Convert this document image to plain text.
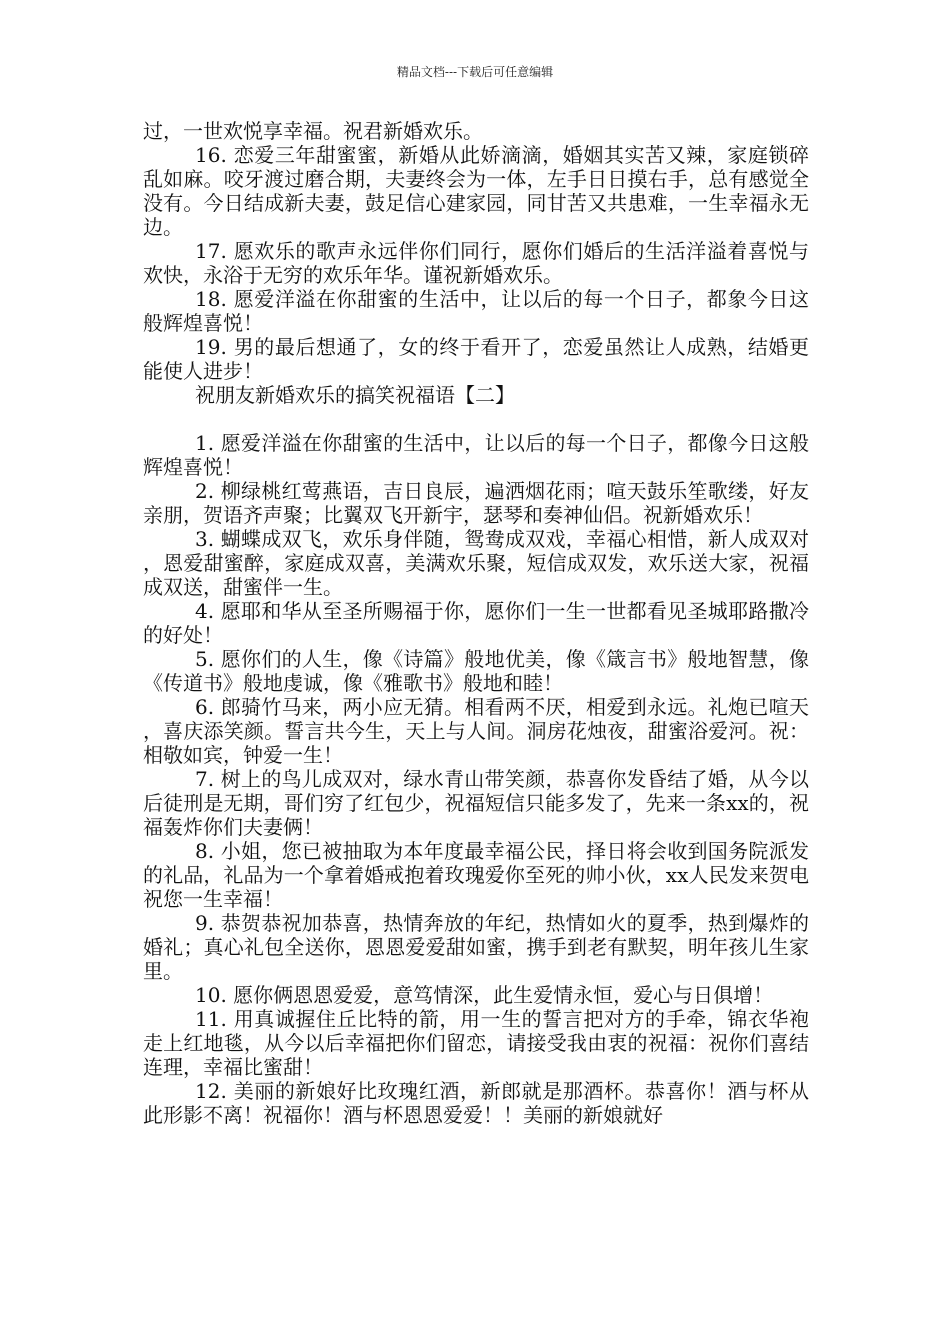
精品文档---下载后可任意编辑

过，一世欢悦享幸福。祝君新婚欢乐。

16. 恋爱三年甜蜜蜜，新婚从此娇滴滴，婚姻其实苦又辣，家庭锁碎乱如麻。咬牙渡过磨合期，夫妻终会为一体，左手日日摸右手，总有感觉全没有。今日结成新夫妻，鼓足信心建家园，同甘苦又共患难，一生幸福永无边。

17. 愿欢乐的歌声永远伴你们同行，愿你们婚后的生活洋溢着喜悦与欢快，永浴于无穷的欢乐年华。谨祝新婚欢乐。

18. 愿爱洋溢在你甜蜜的生活中，让以后的每一个日子，都象今日这般辉煌喜悦！

19. 男的最后想通了，女的终于看开了，恋爱虽然让人成熟，结婚更能使人进步！

祝朋友新婚欢乐的搞笑祝福语【二】

1. 愿爱洋溢在你甜蜜的生活中，让以后的每一个日子，都像今日这般辉煌喜悦！

2. 柳绿桃红莺燕语，吉日良辰，遍洒烟花雨；喧天鼓乐笙歌缕，好友亲朋，贺语齐声聚；比翼双飞开新宇，瑟琴和奏神仙侣。祝新婚欢乐！

3. 蝴蝶成双飞，欢乐身伴随，鸳鸯成双戏，幸福心相惜，新人成双对，恩爱甜蜜醉，家庭成双喜，美满欢乐聚，短信成双发，欢乐送大家，祝福成双送，甜蜜伴一生。

4. 愿耶和华从至圣所赐福于你，愿你们一生一世都看见圣城耶路撒冷的好处！

5. 愿你们的人生，像《诗篇》般地优美，像《箴言书》般地智慧，像《传道书》般地虔诚，像《雅歌书》般地和睦！

6. 郎骑竹马来，两小应无猜。相看两不厌，相爱到永远。礼炮已喧天，喜庆添笑颜。誓言共今生，天上与人间。洞房花烛夜，甜蜜浴爱河。祝：相敬如宾，钟爱一生！

7. 树上的鸟儿成双对，绿水青山带笑颜，恭喜你发昏结了婚，从今以后徒刑是无期，哥们穷了红包少，祝福短信只能多发了，先来一条xx的，祝福轰炸你们夫妻俩！

8. 小姐，您已被抽取为本年度最幸福公民，择日将会收到国务院派发的礼品，礼品为一个拿着婚戒抱着玫瑰爱你至死的帅小伙，xx人民发来贺电祝您一生幸福！

9. 恭贺恭祝加恭喜，热情奔放的年纪，热情如火的夏季，热到爆炸的婚礼；真心礼包全送你，恩恩爱爱甜如蜜，携手到老有默契，明年孩儿生家里。

10. 愿你俩恩恩爱爱，意笃情深，此生爱情永恒，爱心与日俱增！

11. 用真诚握住丘比特的箭，用一生的誓言把对方的手牵，锦衣华袍走上红地毯，从今以后幸福把你们留恋，请接受我由衷的祝福：祝你们喜结连理，幸福比蜜甜！

12. 美丽的新娘好比玫瑰红酒，新郎就是那酒杯。恭喜你！酒与杯从此形影不离！祝福你！酒与杯恩恩爱爱！！美丽的新娘就好
